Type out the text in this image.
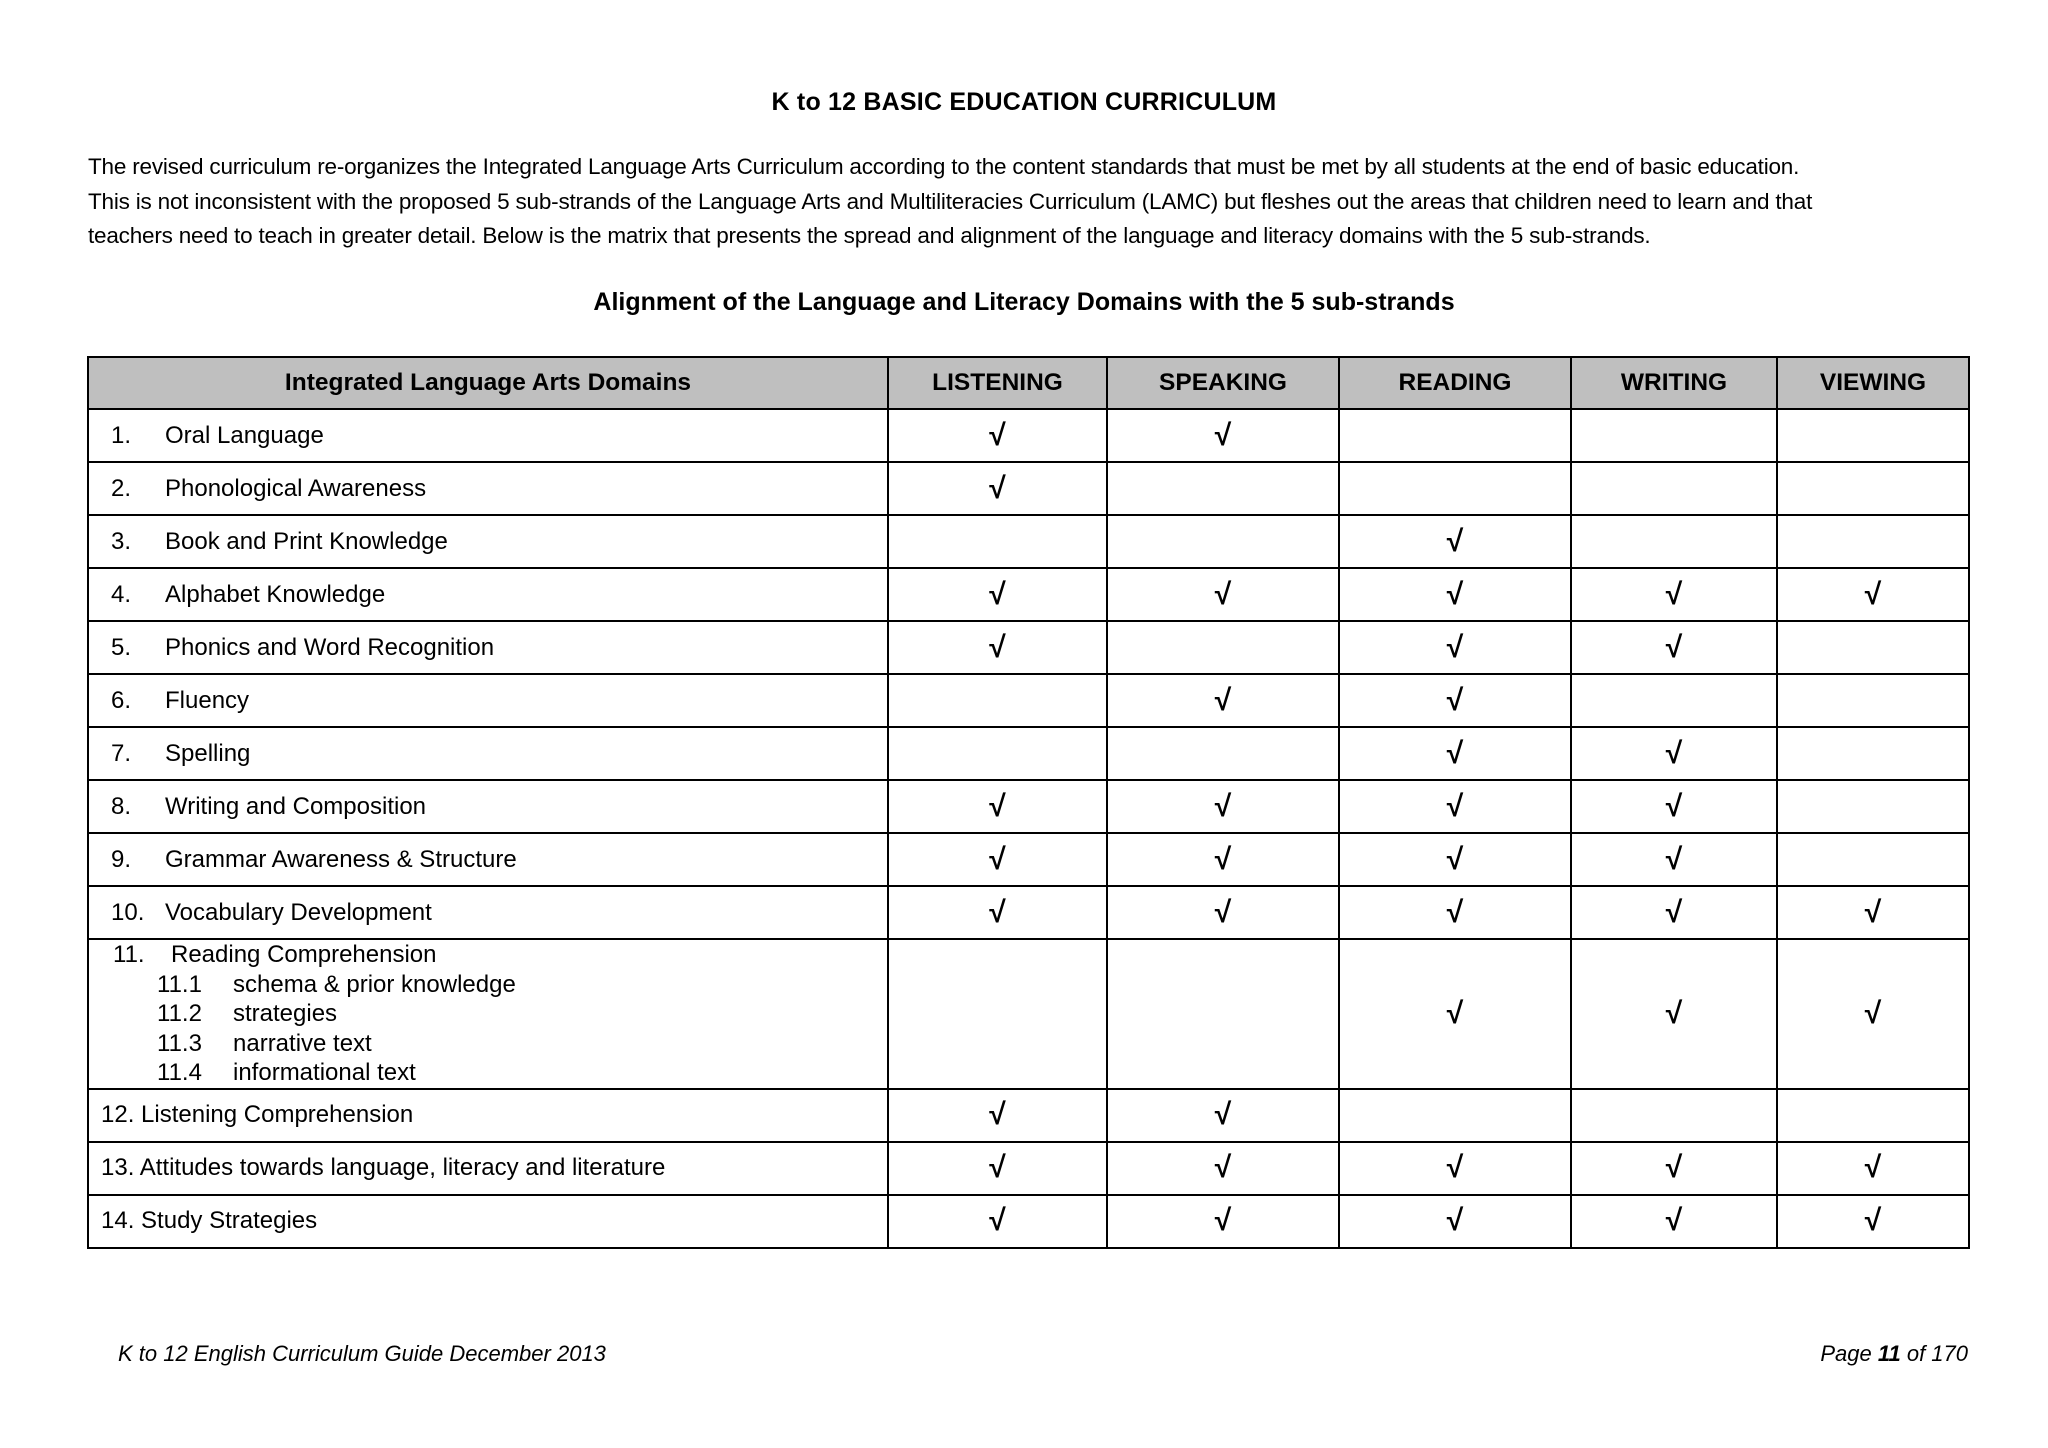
K to 12 BASIC EDUCATION CURRICULUM

The revised curriculum re-organizes the Integrated Language Arts Curriculum according to the content standards that must be met by all students at the end of basic education.

This is not inconsistent with the proposed 5 sub-strands of the Language Arts and Multiliteracies Curriculum (LAMC) but fleshes out the areas that children need to learn and that

teachers need to teach in greater detail. Below is the matrix that presents the spread and alignment of the language and literacy domains with the 5 sub-strands.

Alignment of the Language and Literacy Domains with the 5 sub-strands
Integrated Language Arts Domains	LISTENING	SPEAKING	READING	WRITING	VIEWING
1. Oral Language	√	√			
2. Phonological Awareness	√				
3. Book and Print Knowledge			√		
4. Alphabet Knowledge	√	√	√	√	√
5. Phonics and Word Recognition	√		√	√	
6. Fluency		√	√		
7. Spelling			√	√	
8. Writing and Composition	√	√	√	√	
9. Grammar Awareness & Structure	√	√	√	√	
10. Vocabulary Development	√	√	√	√	√

11. Reading Comprehension
11.1 schema & prior knowledge
11.2 strategies
11.3 narrative text
11.4 informational text			√	√	√
12. Listening Comprehension	√	√			
13. Attitudes towards language, literacy and literature	√	√	√	√	√
14. Study Strategies	√	√	√	√	√
K to 12 English Curriculum Guide December 2013	Page 11 of 170
